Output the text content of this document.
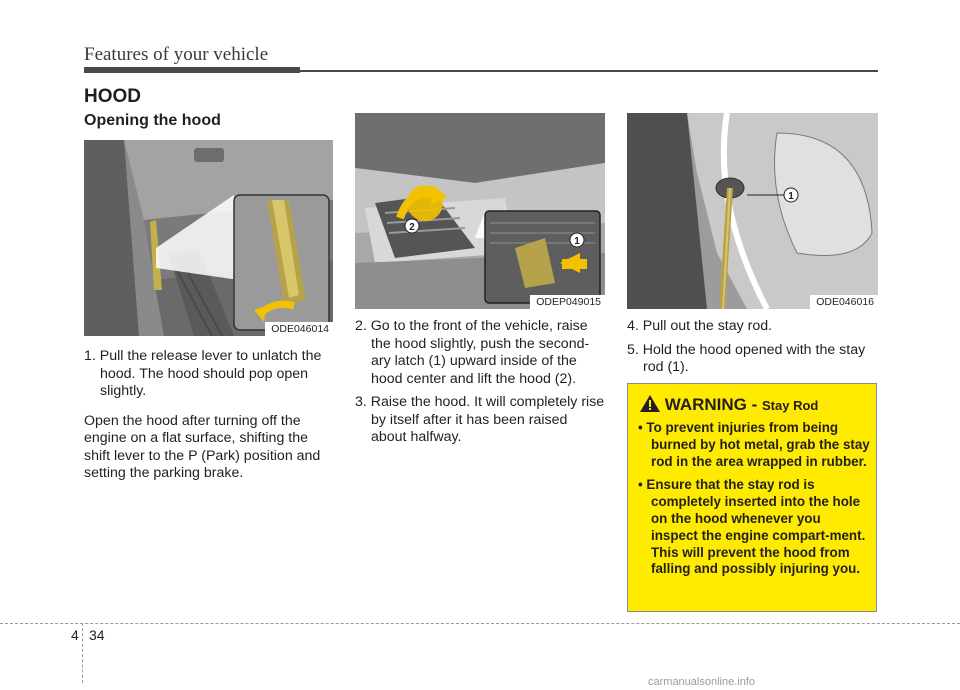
Features of your vehicle
HOOD
Opening the hood
ODE046014
2
1
ODEP049015
1
ODE046016

1. Pull the release lever to unlatch the hood. The hood should pop open slightly.

Open the hood after turning off the engine on a flat surface, shifting the shift lever to the P (Park) position and setting the parking brake.

2. Go to the front of the vehicle, raise the hood slightly, push the second-ary latch (1) upward inside of the hood center and lift the hood (2).

3. Raise the hood. It will completely rise by itself after it has been raised about halfway.

4. Pull out the stay rod.

5. Hold the hood opened with the stay rod (1).

WARNING - Stay Rod

• To prevent injuries from being burned by hot metal, grab the stay rod in the area wrapped in rubber.

• Ensure that the stay rod is completely inserted into the hole on the hood whenever you inspect the engine compart-ment. This will prevent the hood from falling and possibly injuring you.

4 34
carmanualsonline.info
